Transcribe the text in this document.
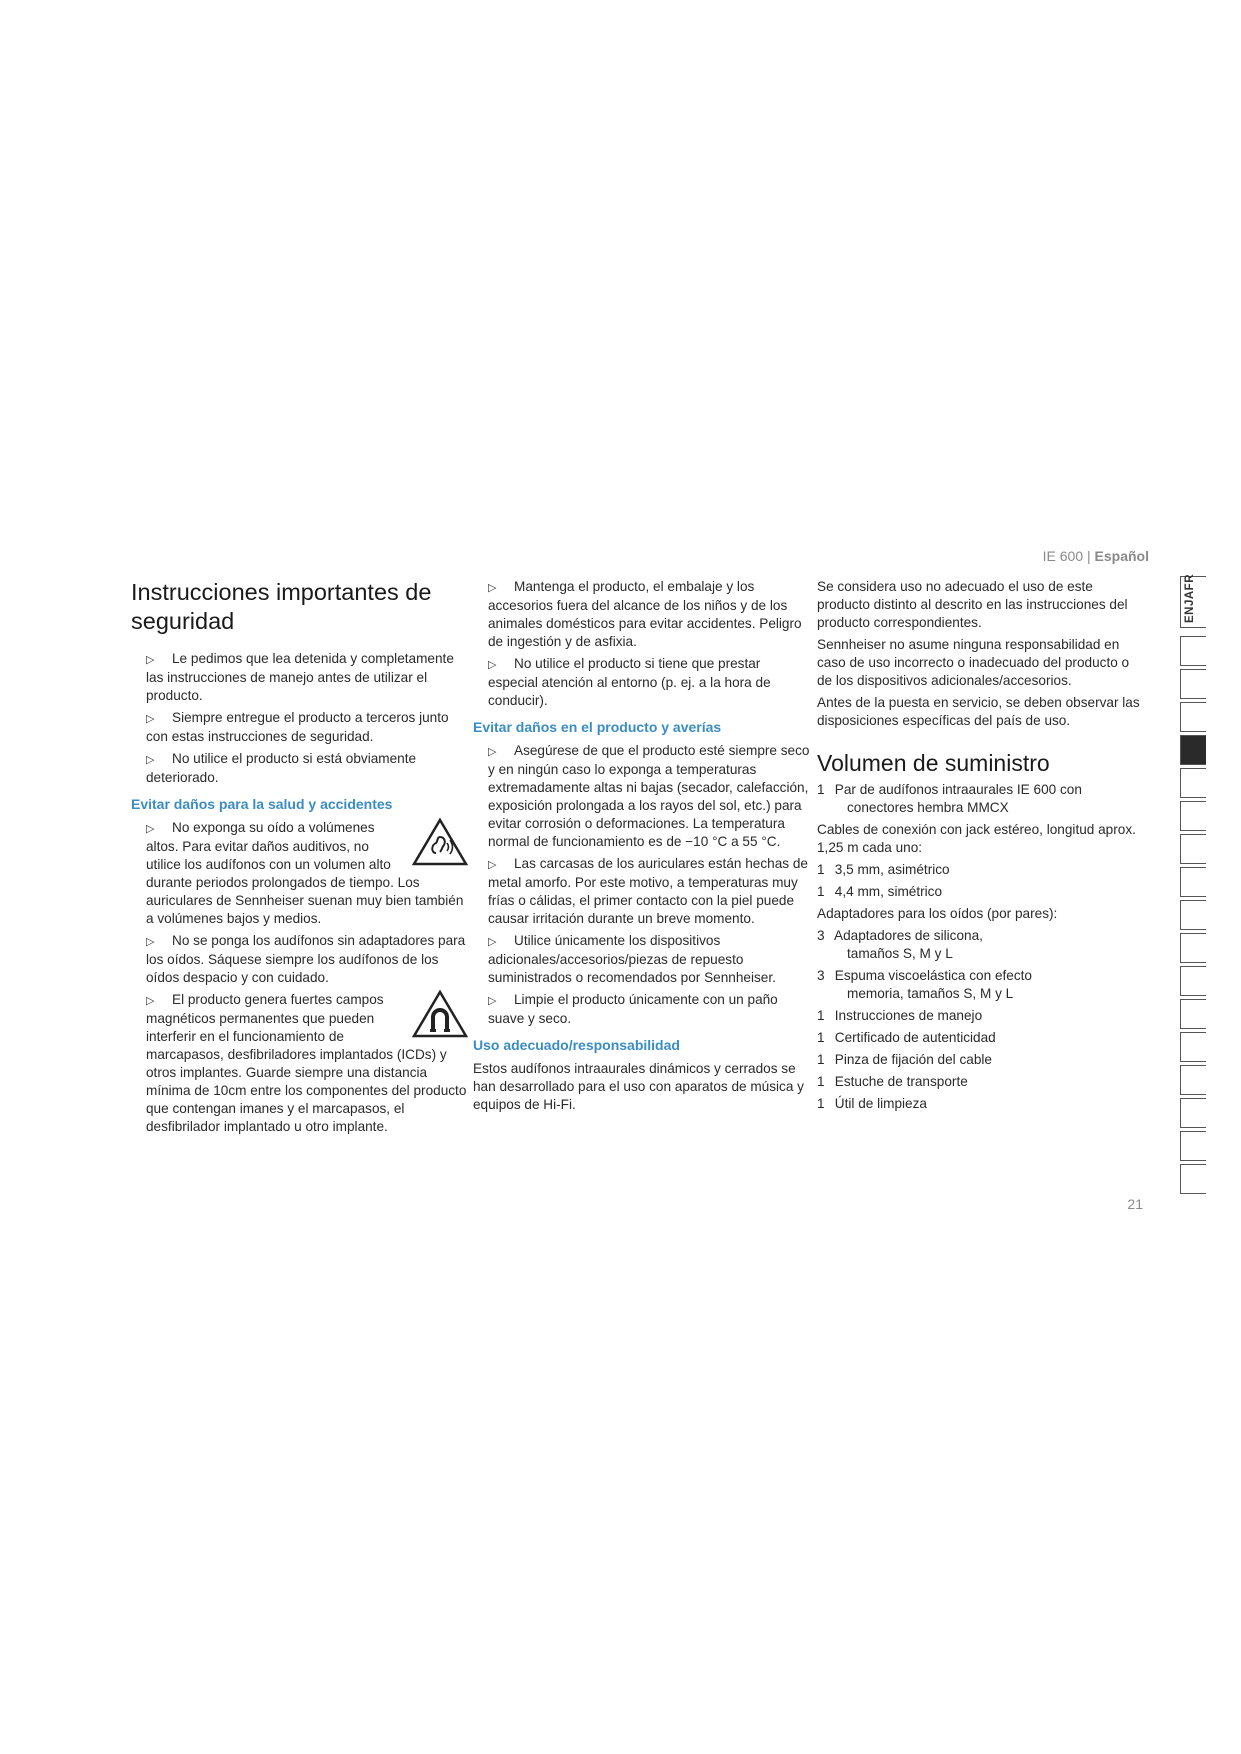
IE 600 | Español
Instrucciones importantes de seguridad
▷ Le pedimos que lea detenida y completamente las instrucciones de manejo antes de utilizar el producto.
▷ Siempre entregue el producto a terceros junto con estas instrucciones de seguridad.
▷ No utilice el producto si está obviamente deteriorado.
Evitar daños para la salud y accidentes
▷ No exponga su oído a volúmenes altos. Para evitar daños auditivos, no utilice los audífonos con un volumen alto durante periodos prolongados de tiempo. Los auriculares de Sennheiser suenan muy bien también a volúmenes bajos y medios.
▷ No se ponga los audífonos sin adaptadores para los oídos. Sáquese siempre los audífonos de los oídos despacio y con cuidado.
▷ El producto genera fuertes campos magnéticos permanentes que pueden interferir en el funcionamiento de marcapasos, desfibriladores implantados (ICDs) y otros implantes. Guarde siempre una distancia mínima de 10cm entre los componentes del producto que contengan imanes y el marcapasos, el desfibrilador implantado u otro implante.
▷ Mantenga el producto, el embalaje y los accesorios fuera del alcance de los niños y de los animales domésticos para evitar accidentes. Peligro de ingestión y de asfixia.
▷ No utilice el producto si tiene que prestar especial atención al entorno (p. ej. a la hora de conducir).
Evitar daños en el producto y averías
▷ Asegúrese de que el producto esté siempre seco y en ningún caso lo exponga a temperaturas extremadamente altas ni bajas (secador, calefacción, exposición prolongada a los rayos del sol, etc.) para evitar corrosión o deformaciones. La temperatura normal de funcionamiento es de −10 °C a 55 °C.
▷ Las carcasas de los auriculares están hechas de metal amorfo. Por este motivo, a temperaturas muy frías o cálidas, el primer contacto con la piel puede causar irritación durante un breve momento.
▷ Utilice únicamente los dispositivos adicionales/accesorios/piezas de repuesto suministrados o recomendados por Sennheiser.
▷ Limpie el producto únicamente con un paño suave y seco.
Uso adecuado/responsabilidad

Estos audífonos intraaurales dinámicos y cerrados se han desarrollado para el uso con aparatos de música y equipos de Hi-Fi.

Se considera uso no adecuado el uso de este producto distinto al descrito en las instrucciones del producto correspondientes.

Sennheiser no asume ninguna responsabilidad en caso de uso incorrecto o inadecuado del producto o de los dispositivos adicionales/accesorios.

Antes de la puesta en servicio, se deben observar las disposiciones específicas del país de uso.

Volumen de suministro
1 Par de audífonos intraaurales IE 600 con
conectores hembra MMCX

Cables de conexión con jack estéreo, longitud aprox. 1,25 m cada uno:

1 3,5 mm, asimétrico
1 4,4 mm, simétrico

Adaptadores para los oídos (por pares):

3 Adaptadores de silicona,
tamaños S, M y L
3 Espuma viscoelástica con efecto
memoria, tamaños S, M y L
1 Instrucciones de manejo
1 Certificado de autenticidad
1 Pinza de fijación del cable
1 Estuche de transporte
1 Útil de limpieza
ENJAFR
21
